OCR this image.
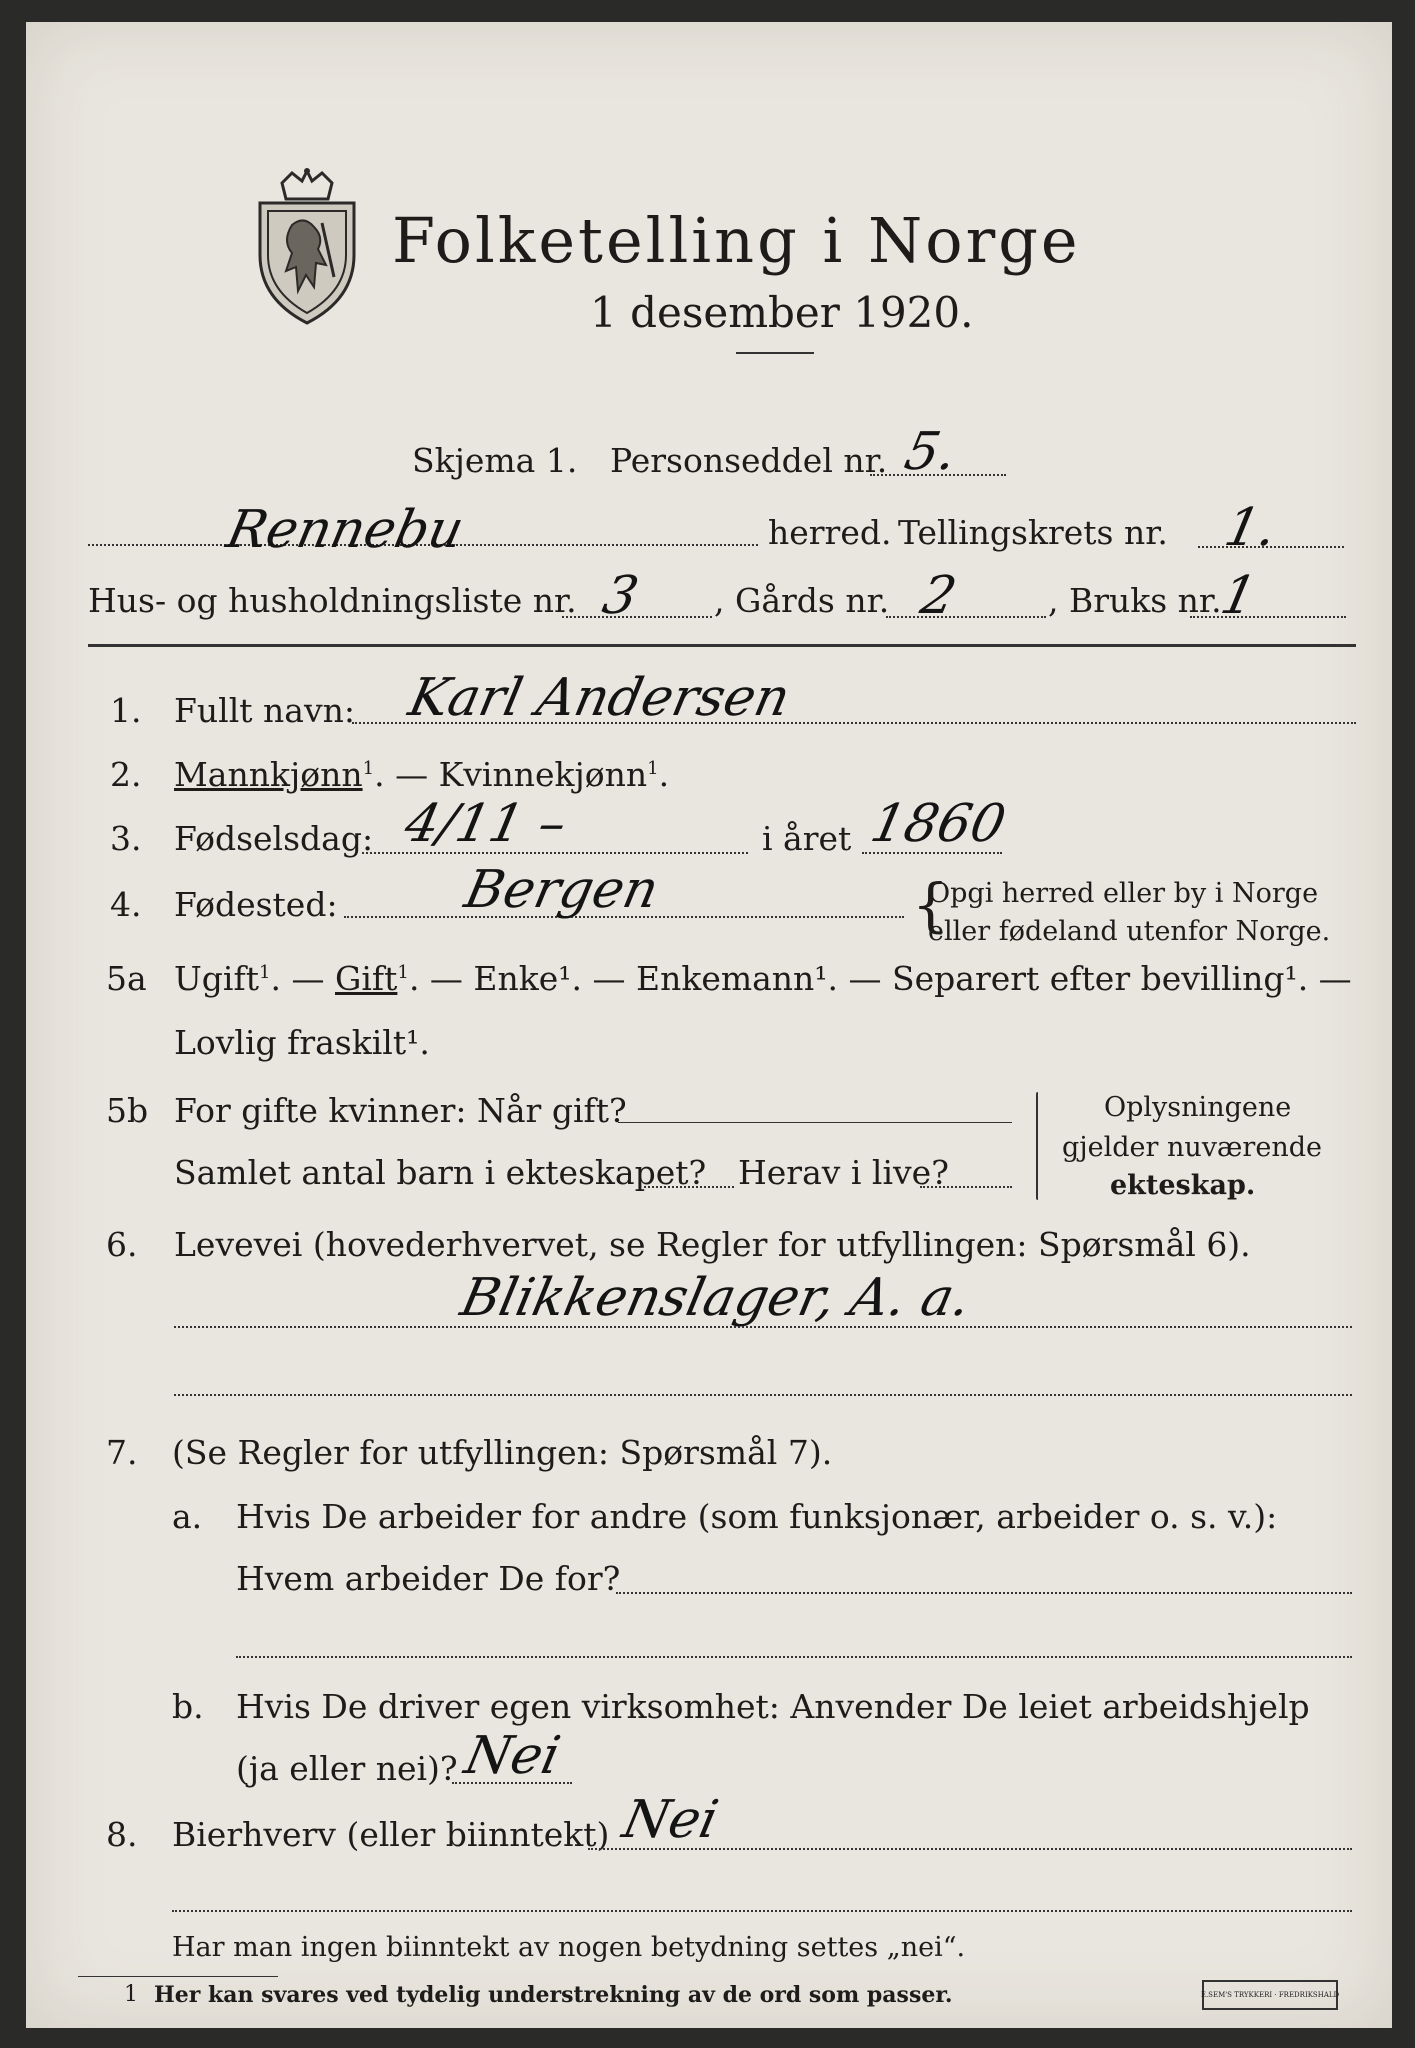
Folketelling i Norge
1 desember 1920.
Skjema 1. Personseddel nr. 5.
Rennebu	herred. Tellingskrets nr. 1.
Hus- og husholdningsliste nr. 3 , Gårds nr. 2	, Bruks nr.
1
1. Fullt navn: Karl Andersen
2. Mannkjønn$^1$. — Kvinnekjønn$^1$.
3. Fødselsdag: 4/11 –	i året 1860
4. Fødested: Bergen	{
Opgi herred eller by i Norge
eller fødeland utenfor Norge.
5a Ugift$^1$. — Gift$^1$. — Enke¹. — Enkemann¹. — Separert efter bevilling¹. —
Lovlig fraskilt¹.
5b For gifte kvinner: Når gift?
Samlet antal barn i ekteskapet? Herav i live?
Oplysningene
gjelder nuværende
ekteskap.
6. Levevei (hovederhvervet, se Regler for utfyllingen: Spørsmål 6).
Blikkenslager, A. a.
7. (Se Regler for utfyllingen: Spørsmål 7).
a. Hvis De arbeider for andre (som funksjonær, arbeider o. s. v.):
Hvem arbeider De for?
b. Hvis De driver egen virksomhet: Anvender De leiet arbeidshjelp
(ja eller nei)? Nei
8. Bierhverv (eller biinntekt) Nei
Har man ingen biinntekt av nogen betydning settes „nei“.
1 Her kan svares ved tydelig understrekning av de ord som passer.	E.SEM'S TRYKKERI · FREDRIKSHALD
